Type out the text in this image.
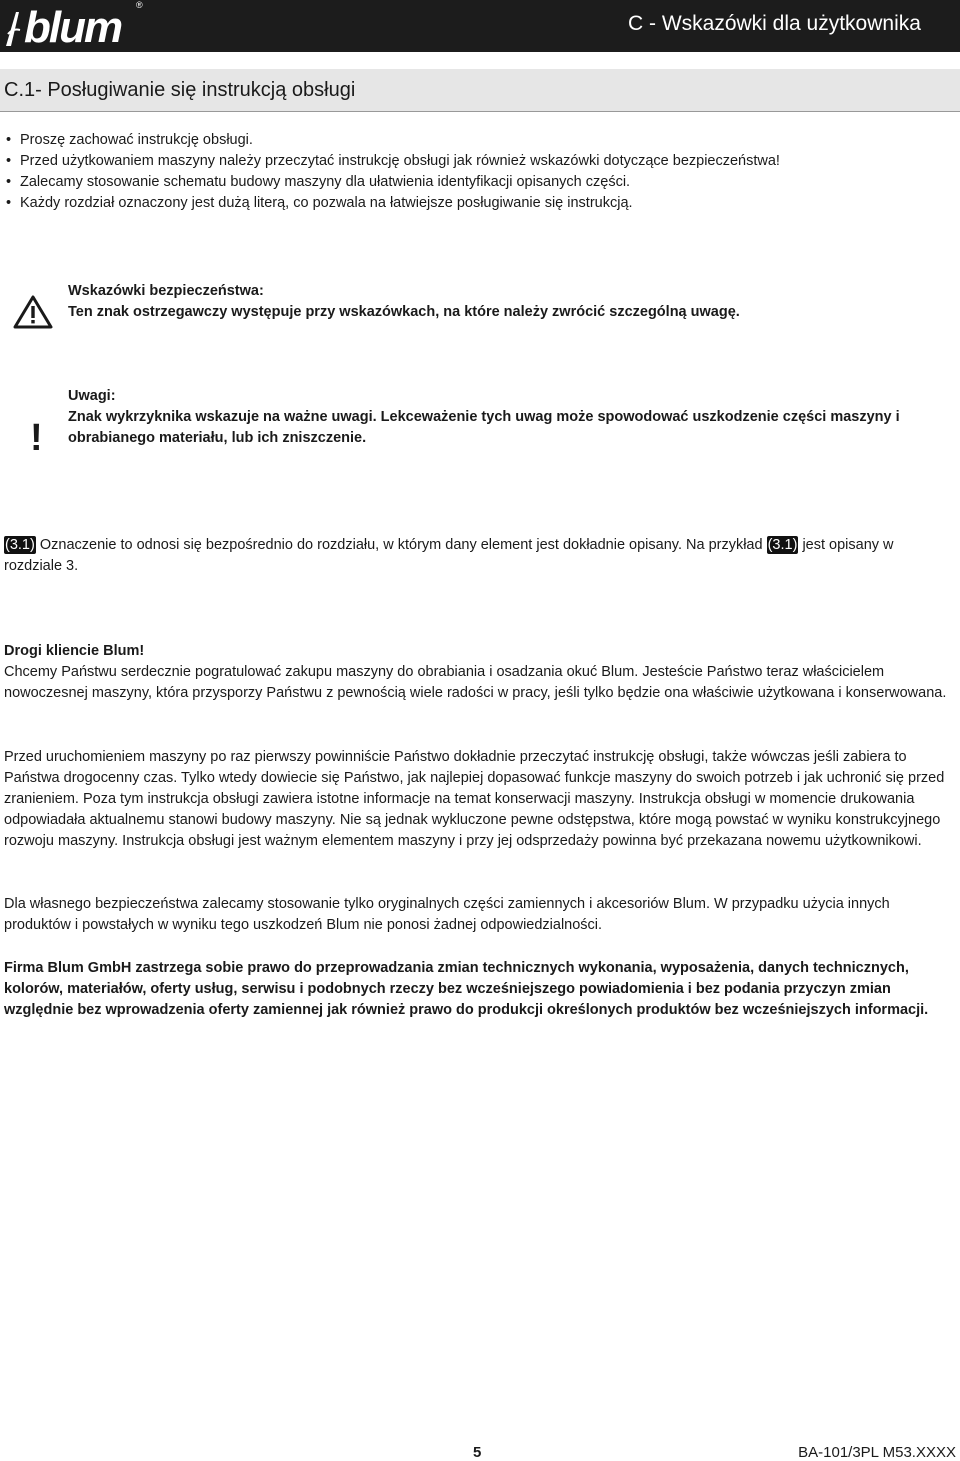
blum ®
C - Wskazówki dla użytkownika
C.1- Posługiwanie się instrukcją obsługi
• Proszę zachować instrukcję obsługi.
• Przed użytkowaniem maszyny należy przeczytać instrukcję obsługi jak również wskazówki dotyczące bezpieczeństwa!
• Zalecamy stosowanie schematu budowy maszyny dla ułatwienia identyfikacji opisanych części.
• Każdy rozdział oznaczony jest dużą literą, co pozwala na łatwiejsze posługiwanie się instrukcją.
Wskazówki bezpieczeństwa:
Ten znak ostrzegawczy występuje przy wskazówkach, na które należy zwrócić szczególną uwagę.
!
Uwagi:
Znak wykrzyknika wskazuje na ważne uwagi. Lekceważenie tych uwag może spowodować uszkodzenie części maszyny i obrabianego materiału, lub ich zniszczenie.
(3.1) Oznaczenie to odnosi się bezpośrednio do rozdziału, w którym dany element jest dokładnie opisany. Na przykład (3.1) jest opisany w rozdziale 3.
Drogi kliencie Blum!
Chcemy Państwu serdecznie pogratulować zakupu maszyny do obrabiania i osadzania okuć Blum. Jesteście Państwo teraz właścicielem nowoczesnej maszyny, która przysporzy Państwu z pewnością wiele radości w pracy, jeśli tylko będzie ona właściwie użytkowana i konserwowana.
Przed uruchomieniem maszyny po raz pierwszy powinniście Państwo dokładnie przeczytać instrukcję obsługi, także wówczas jeśli zabiera to Państwa drogocenny czas. Tylko wtedy dowiecie się Państwo, jak najlepiej dopasować funkcje maszyny do swoich potrzeb i jak uchronić się przed zranieniem. Poza tym instrukcja obsługi zawiera istotne informacje na temat konserwacji maszyny. Instrukcja obsługi w momencie drukowania odpowiadała aktualnemu stanowi budowy maszyny. Nie są jednak wykluczone pewne odstępstwa, które mogą powstać w wyniku konstrukcyjnego rozwoju maszyny. Instrukcja obsługi jest ważnym elementem maszyny i przy jej odsprzedaży powinna być przekazana nowemu użytkownikowi.
Dla własnego bezpieczeństwa zalecamy stosowanie tylko oryginalnych części zamiennych i akcesoriów Blum. W przypadku użycia innych produktów i powstałych w wyniku tego uszkodzeń Blum nie ponosi żadnej odpowiedzialności.
Firma Blum GmbH zastrzega sobie prawo do przeprowadzania zmian technicznych wykonania, wyposażenia, danych technicznych, kolorów, materiałów, oferty usług, serwisu i podobnych rzeczy bez wcześniejszego powiadomienia i bez podania przyczyn zmian względnie bez wprowadzenia oferty zamiennej jak również prawo do produkcji określonych produktów bez wcześniejszych informacji.
5	BA-101/3PL M53.XXXX
